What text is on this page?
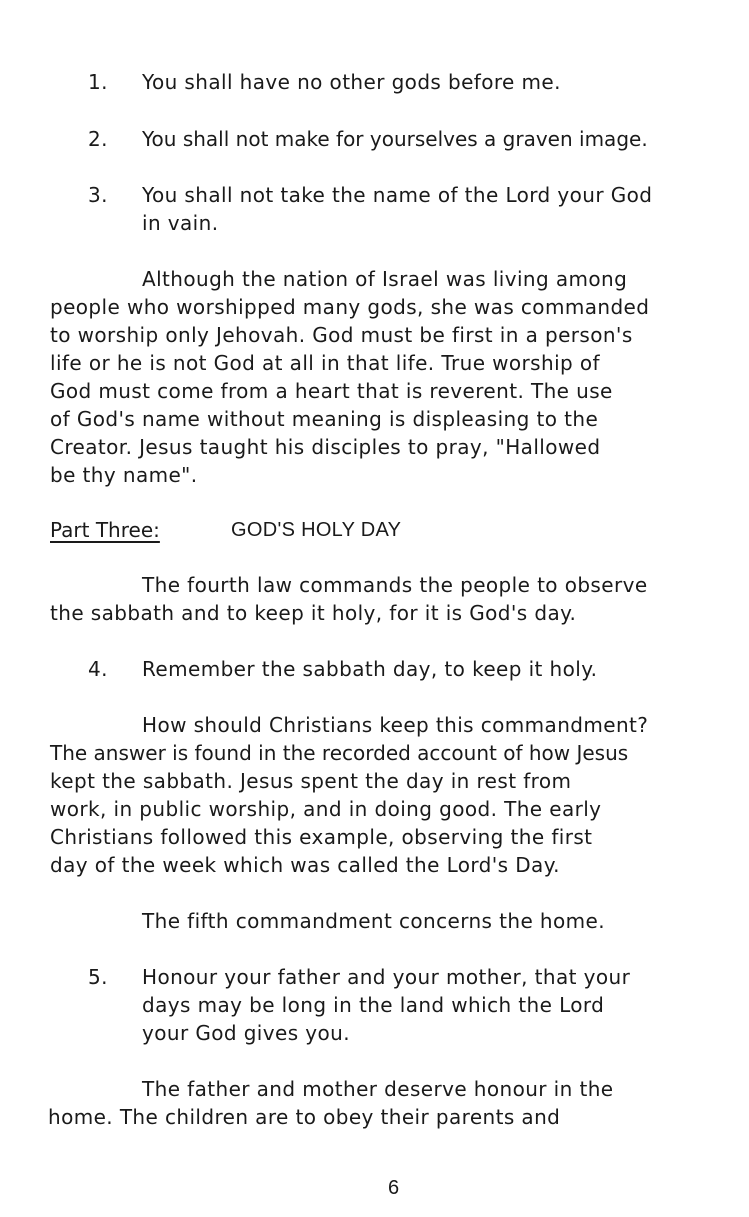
1. You shall have no other gods before me.
2. You shall not make for yourselves a graven image.
3. You shall not take the name of the Lord your God
in vain.
Although the nation of Israel was living among
people who worshipped many gods, she was commanded
to worship only Jehovah. God must be first in a person's
life or he is not God at all in that life. True worship of
God must come from a heart that is reverent. The use
of God's name without meaning is displeasing to the
Creator. Jesus taught his disciples to pray, "Hallowed
be thy name".
Part Three:	GOD'S HOLY DAY
The fourth law commands the people to observe
the sabbath and to keep it holy, for it is God's day.
4. Remember the sabbath day, to keep it holy.
How should Christians keep this commandment?
The answer is found in the recorded account of how Jesus
kept the sabbath. Jesus spent the day in rest from
work, in public worship, and in doing good. The early
Christians followed this example, observing the first
day of the week which was called the Lord's Day.
The fifth commandment concerns the home.
5. Honour your father and your mother, that your
days may be long in the land which the Lord
your God gives you.
The father and mother deserve honour in the
home. The children are to obey their parents and
6
